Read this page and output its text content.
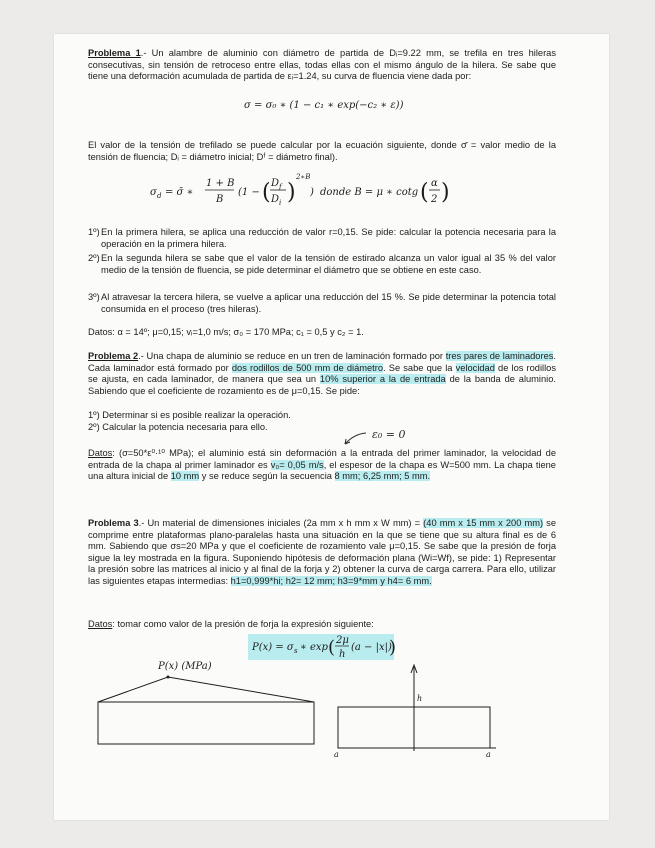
Problema 1.- Un alambre de aluminio con diámetro de partida de Dᵢ=9.22 mm, se trefila en tres hileras consecutivas, sin tensión de retroceso entre ellas, todas ellas con el mismo ángulo de la hilera. Se sabe que tiene una deformación acumulada de partida de εᵢ=1.24, su curva de fluencia viene dada por:
σ = σ₀ ∗ (1 − c₁ ∗ exp(−c₂ ∗ ε))
El valor de la tensión de trefilado se puede calcular por la ecuación siguiente, donde σ̄ = valor medio de la tensión de fluencia; Dᵢ = diámetro inicial; Dᶠ = diámetro final).
σ d = σ̄ ∗
1 + B
B
(1 − ( D f
D i )
2∗B
) donde B = μ ∗ cotg ( α
2 )
1º) En la primera hilera, se aplica una reducción de valor r=0,15. Se pide: calcular la potencia necesaria para la operación en la primera hilera.
2º) En la segunda hilera se sabe que el valor de la tensión de estirado alcanza un valor igual al 35 % del valor medio de la tensión de fluencia, se pide determinar el diámetro que se obtiene en este caso.
3º) Al atravesar la tercera hilera, se vuelve a aplicar una reducción del 15 %. Se pide determinar la potencia total consumida en el proceso (tres hileras).
Datos: α = 14º; μ=0,15; vᵢ=1,0 m/s; σ₀ = 170 MPa; c₁ = 0,5 y c₂ = 1.
Problema 2.- Una chapa de aluminio se reduce en un tren de laminación formado por tres pares de laminadores. Cada laminador está formado por dos rodillos de 500 mm de diámetro. Se sabe que la velocidad de los rodillos se ajusta, en cada laminador, de manera que sea un 10% superior a la de entrada de la banda de aluminio. Sabiendo que el coeficiente de rozamiento es de μ=0,15. Se pide:
1º) Determinar si es posible realizar la operación.
2º) Calcular la potencia necesaria para ello.
ε₀ = 0
Datos: (σ=50*ε⁰·¹⁰ MPa); el aluminio está sin deformación a la entrada del primer laminador, la velocidad de entrada de la chapa al primer laminador es v₀= 0,05 m/s, el espesor de la chapa es W=500 mm. La chapa tiene una altura inicial de 10 mm y se reduce según la secuencia 8 mm; 6,25 mm; 5 mm.
Problema 3.- Un material de dimensiones iniciales (2a mm x h mm x W mm) = (40 mm x 15 mm x 200 mm) se comprime entre plataformas plano-paralelas hasta una situación en la que se tiene que su altura final es de 6 mm. Sabiendo que σs=20 MPa y que el coeficiente de rozamiento vale μ=0,15. Se sabe que la presión de forja sigue la ley mostrada en la figura. Suponiendo hipótesis de deformación plana (Wi=Wf), se pide: 1) Representar la presión sobre las matrices al inicio y al final de la forja y 2) obtener la curva de carga carrera. Para ello, utilizar las siguientes etapas intermedias: h1=0,999*hi; h2= 12 mm; h3=9*mm y h4= 6 mm.
Datos: tomar como valor de la presión de forja la expresión siguiente:
P(x) = σ s ∗ exp ( 2μ
h
(a − |x|)
)
P(x) (MPa)
h
a	a
